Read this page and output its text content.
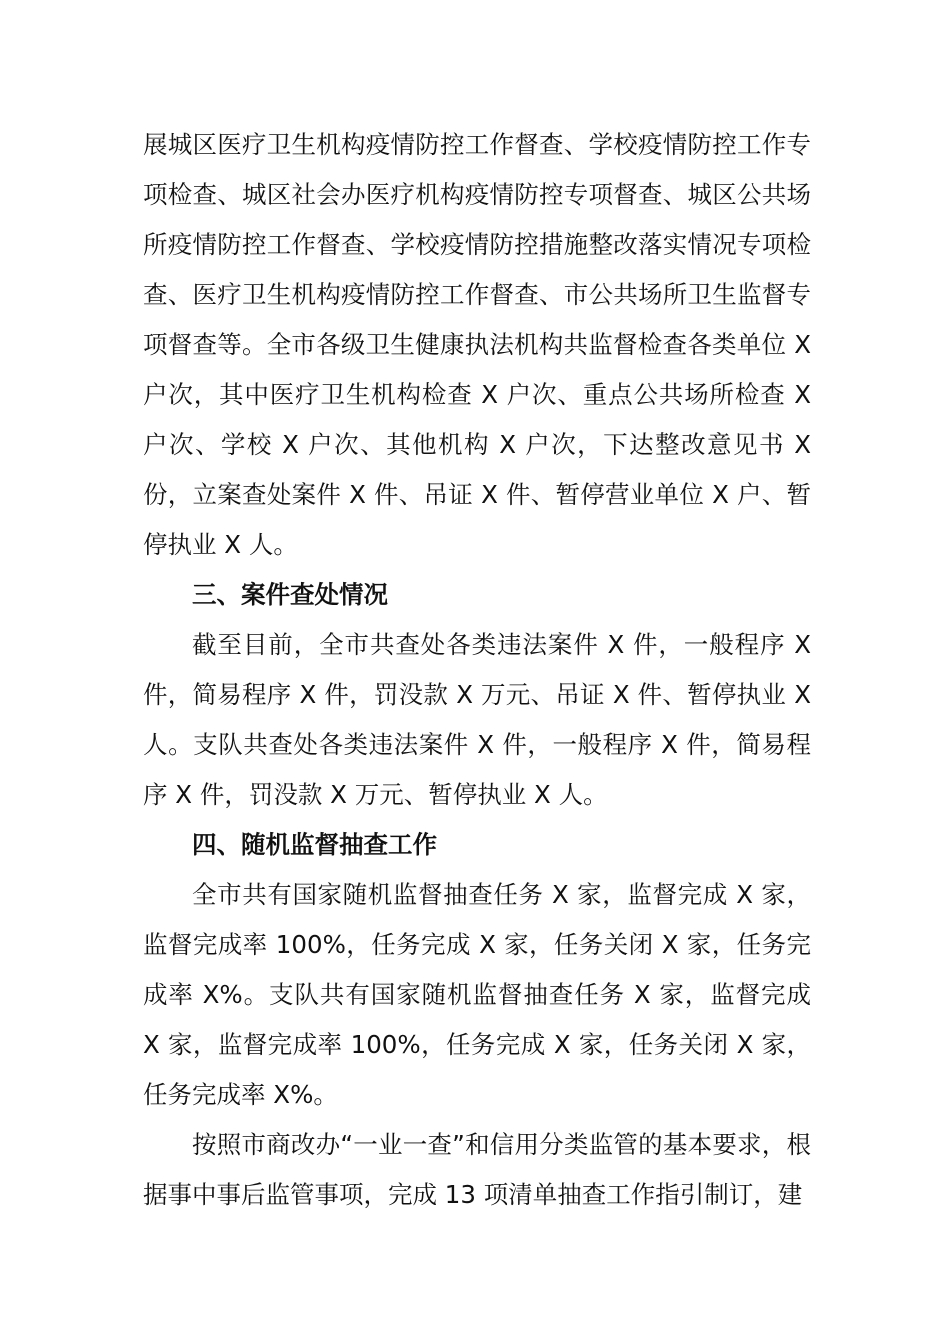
展城区医疗卫生机构疫情防控工作督查、学校疫情防控工作专项检查、城区社会办医疗机构疫情防控专项督查、城区公共场所疫情防控工作督查、学校疫情防控措施整改落实情况专项检查、医疗卫生机构疫情防控工作督查、市公共场所卫生监督专项督查等。全市各级卫生健康执法机构共监督检查各类单位 X 户次，其中医疗卫生机构检查 X 户次、重点公共场所检查 X 户次、学校 X 户次、其他机构 X 户次，下达整改意见书 X 份，立案查处案件 X 件、吊证 X 件、暂停营业单位 X 户、暂停执业 X 人。

三、案件查处情况

截至目前，全市共查处各类违法案件 X 件，一般程序 X 件，简易程序 X 件，罚没款 X 万元、吊证 X 件、暂停执业 X 人。支队共查处各类违法案件 X 件，一般程序 X 件，简易程序 X 件，罚没款 X 万元、暂停执业 X 人。

四、随机监督抽查工作

全市共有国家随机监督抽查任务 X 家，监督完成 X 家，监督完成率 100%，任务完成 X 家，任务关闭 X 家，任务完成率 X%。支队共有国家随机监督抽查任务 X 家，监督完成 X 家，监督完成率 100%，任务完成 X 家，任务关闭 X 家，任务完成率 X%。

按照市商改办“一业一查”和信用分类监管的基本要求，根据事中事后监管事项，完成 13 项清单抽查工作指引制订，建
